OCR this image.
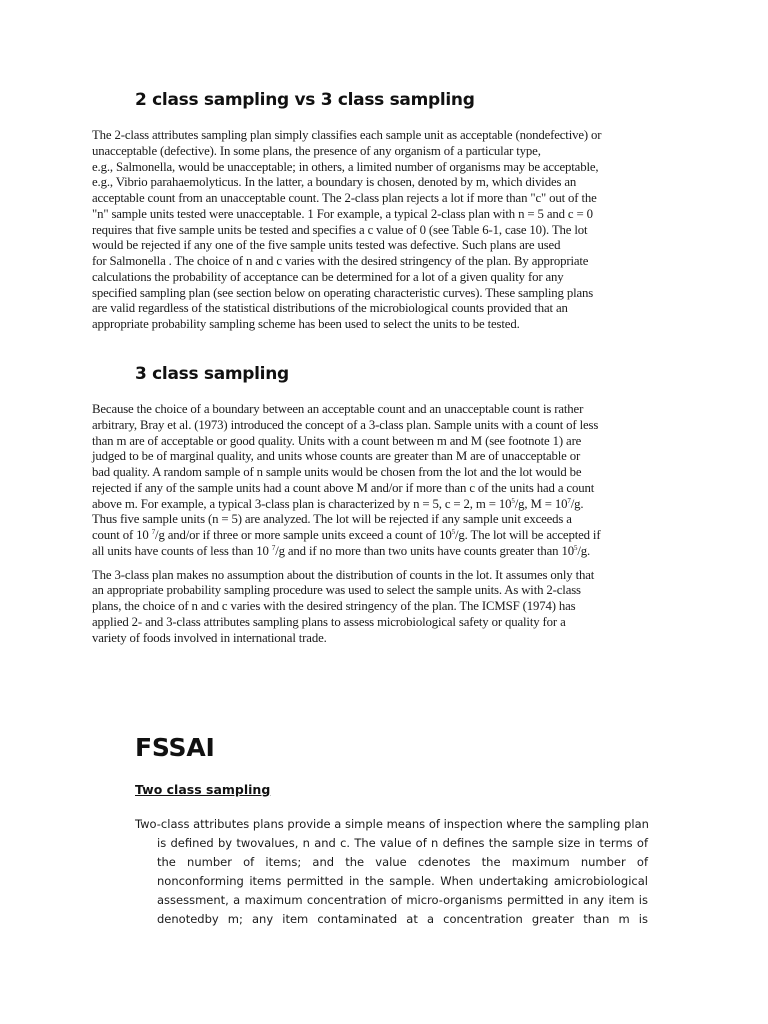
2 class sampling vs 3 class sampling

The 2-class attributes sampling plan simply classifies each sample unit as acceptable (nondefective) or
unacceptable (defective). In some plans, the presence of any organism of a particular type,
e.g., Salmonella, would be unacceptable; in others, a limited number of organisms may be acceptable,
e.g., Vibrio parahaemolyticus. In the latter, a boundary is chosen, denoted by m, which divides an
acceptable count from an unacceptable count. The 2-class plan rejects a lot if more than "c" out of the
"n" sample units tested were unacceptable. 1 For example, a typical 2-class plan with n = 5 and c = 0
requires that five sample units be tested and specifies a c value of 0 (see Table 6-1, case 10). The lot
would be rejected if any one of the five sample units tested was defective. Such plans are used
for Salmonella . The choice of n and c varies with the desired stringency of the plan. By appropriate
calculations the probability of acceptance can be determined for a lot of a given quality for any
specified sampling plan (see section below on operating characteristic curves). These sampling plans
are valid regardless of the statistical distributions of the microbiological counts provided that an
appropriate probability sampling scheme has been used to select the units to be tested.

3 class sampling

Because the choice of a boundary between an acceptable count and an unacceptable count is rather
arbitrary, Bray et al. (1973) introduced the concept of a 3-class plan. Sample units with a count of less
than m are of acceptable or good quality. Units with a count between m and M (see footnote 1) are
judged to be of marginal quality, and units whose counts are greater than M are of unacceptable or
bad quality. A random sample of n sample units would be chosen from the lot and the lot would be
rejected if any of the sample units had a count above M and/or if more than c of the units had a count
above m. For example, a typical 3-class plan is characterized by n = 5, c = 2, $m = 10^5/g$, $M = 10^7/g$.
Thus five sample units (n = 5) are analyzed. The lot will be rejected if any sample unit exceeds a
count of 10 $^7$/g and/or if three or more sample units exceed a count of $10^5/g$. The lot will be accepted if
all units have counts of less than 10 $^7$/g and if no more than two units have counts greater than $10^5/g$.

The 3-class plan makes no assumption about the distribution of counts in the lot. It assumes only that
an appropriate probability sampling procedure was used to select the sample units. As with 2-class
plans, the choice of n and c varies with the desired stringency of the plan. The ICMSF (1974) has
applied 2- and 3-class attributes sampling plans to assess microbiological safety or quality for a
variety of foods involved in international trade.

FSSAI
Two class sampling
Two-class attributes plans provide a simple means of inspection where the sampling plan
is defined by twovalues, n and c. The value of n defines the sample size in terms of
the number of items; and the value cdenotes the maximum number of
nonconforming items permitted in the sample. When undertaking amicrobiological
assessment, a maximum concentration of micro-organisms permitted in any item is
denotedby m; any item contaminated at a concentration greater than m is
